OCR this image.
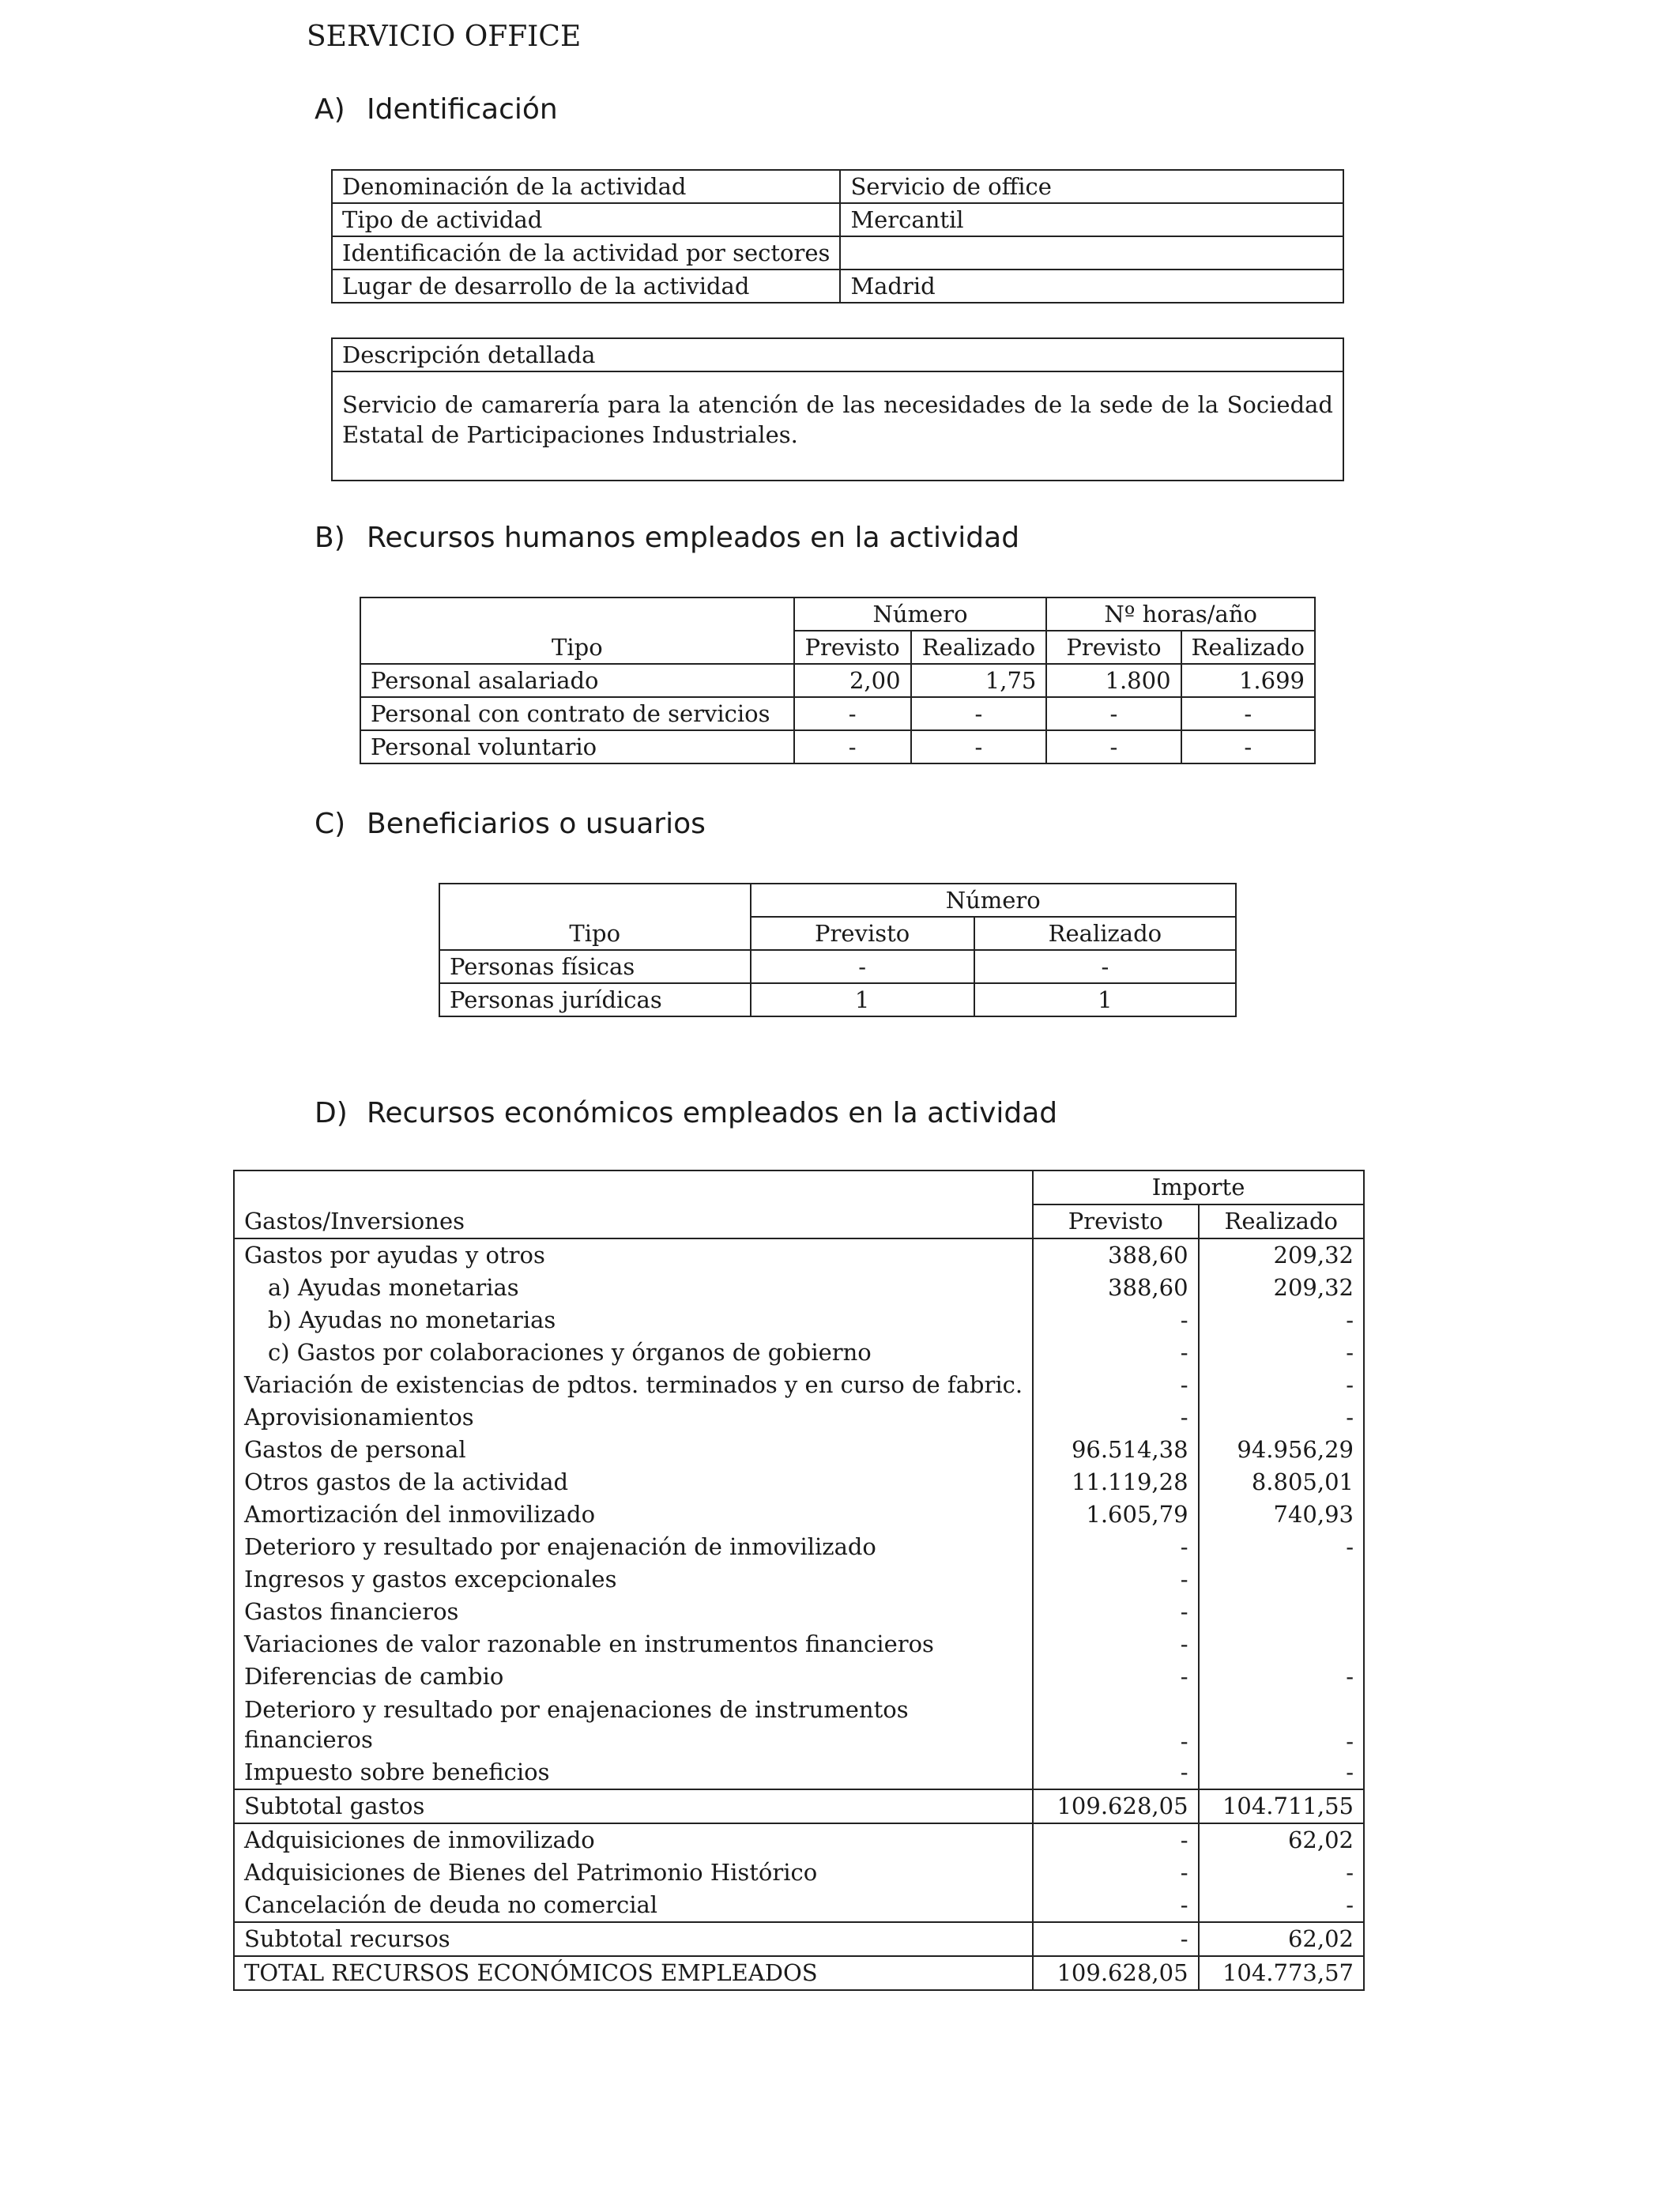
SERVICIO OFFICE
A) Identificación
Denominación de la actividad	Servicio de office
Tipo de actividad	Mercantil
Identificación de la actividad por sectores	
Lugar de desarrollo de la actividad	Madrid
Descripción detallada
Servicio de camarería para la atención de las necesidades de la sede de la Sociedad Estatal de Participaciones Industriales.
B) Recursos humanos empleados en la actividad
	Número		Nº horas/año	
Tipo	Previsto	Realizado	Previsto	Realizado
Personal asalariado	2,00	1,75	1.800	1.699
Personal con contrato de servicios	-	-	-	-
Personal voluntario	-	-	-	-
C) Beneficiarios o usuarios
	Número	
Tipo	Previsto	Realizado
Personas físicas	-	-
Personas jurídicas	1	1
D) Recursos económicos empleados en la actividad
	Importe	
Gastos/Inversiones	Previsto	Realizado
Gastos por ayudas y otros	388,60	209,32
a) Ayudas monetarias	388,60	209,32
b) Ayudas no monetarias	-	-
c) Gastos por colaboraciones y órganos de gobierno	-	-
Variación de existencias de pdtos. terminados y en curso de fabric.	-	-
Aprovisionamientos	-	-
Gastos de personal	96.514,38	94.956,29
Otros gastos de la actividad	11.119,28	8.805,01
Amortización del inmovilizado	1.605,79	740,93
Deterioro y resultado por enajenación de inmovilizado	-	-
Ingresos y gastos excepcionales	-	
Gastos financieros	-	
Variaciones de valor razonable en instrumentos financieros	-	
Diferencias de cambio	-	-
Deterioro y resultado por enajenaciones de instrumentos financieros	-	-
Impuesto sobre beneficios	-	-
Subtotal gastos	109.628,05	104.711,55
Adquisiciones de inmovilizado	-	62,02
Adquisiciones de Bienes del Patrimonio Histórico	-	-
Cancelación de deuda no comercial	-	-
Subtotal recursos	-	62,02
TOTAL RECURSOS ECONÓMICOS EMPLEADOS	109.628,05	104.773,57
